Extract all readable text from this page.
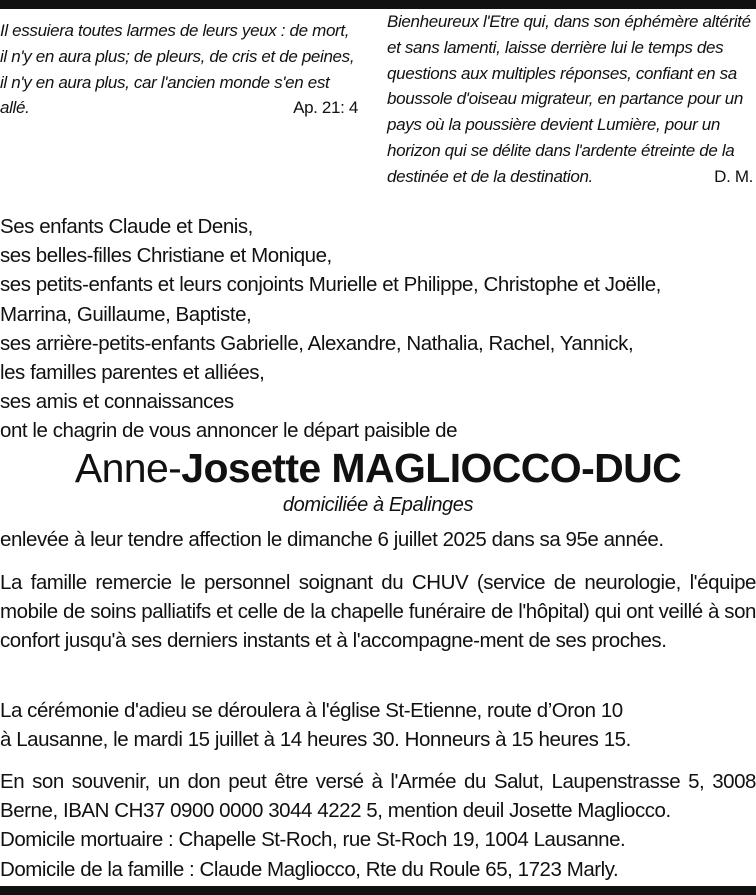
Il essuiera toutes larmes de leurs yeux : de mort, il n'y en aura plus; de pleurs, de cris et de peines, il n'y en aura plus, car l'ancien monde s'en est allé.	Ap. 21: 4
Bienheureux l'Etre qui, dans son éphémère altérité et sans lamenti, laisse derrière lui le temps des questions aux multiples réponses, confiant en sa boussole d'oiseau migrateur, en partance pour un pays où la poussière devient Lumière, pour un horizon qui se délite dans l'ardente étreinte de la destinée et de la destination.	D. M.
Ses enfants Claude et Denis,
ses belles-filles Christiane et Monique,
ses petits-enfants et leurs conjoints Murielle et Philippe, Christophe et Joëlle,
Marrina, Guillaume, Baptiste,
ses arrière-petits-enfants Gabrielle, Alexandre, Nathalia, Rachel, Yannick,
les familles parentes et alliées,
ses amis et connaissances
ont le chagrin de vous annoncer le départ paisible de
Anne-Josette MAGLIOCCO-DUC
domiciliée à Epalinges
enlevée à leur tendre affection le dimanche 6 juillet 2025 dans sa 95e année.
La famille remercie le personnel soignant du CHUV (service de neurologie, l'équipe mobile de soins palliatifs et celle de la chapelle funéraire de l'hôpital) qui ont veillé à son confort jusqu'à ses derniers instants et à l'accompagne-ment de ses proches.
La cérémonie d'adieu se déroulera à l'église St-Etienne, route d’Oron 10
à Lausanne, le mardi 15 juillet à 14 heures 30. Honneurs à 15 heures 15.
En son souvenir, un don peut être versé à l'Armée du Salut, Laupenstrasse 5, 3008 Berne, IBAN CH37 0900 0000 3044 4222 5, mention deuil Josette Magliocco.
Domicile mortuaire : Chapelle St-Roch, rue St-Roch 19, 1004 Lausanne.
Domicile de la famille : Claude Magliocco, Rte du Roule 65, 1723 Marly.
